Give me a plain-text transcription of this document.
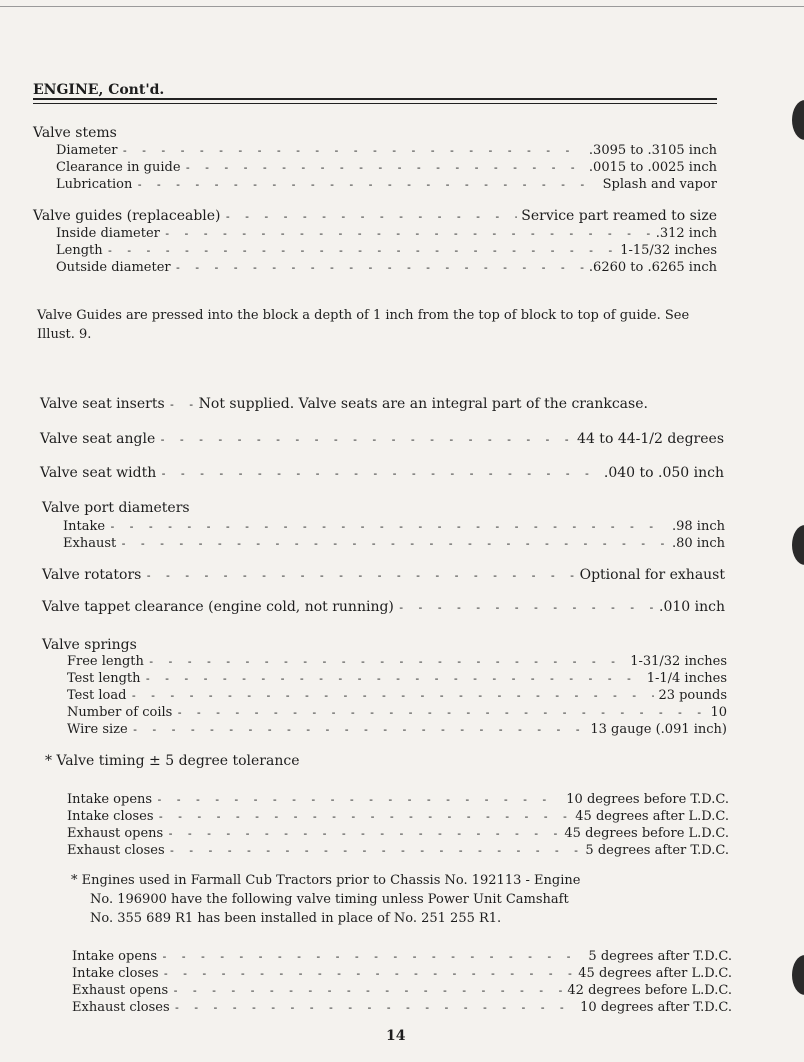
ENGINE, Cont'd.
Valve stems
Diameter - - -	.3095 to .3105 inch
Clearance in guide - - -	.0015 to .0025 inch
Lubrication - - -	Splash and vapor
Valve guides (replaceable) - - -	Service part reamed to size
Inside diameter - - -	.312 inch
Length - - -	1-15/32 inches
Outside diameter - - -	.6260 to .6265 inch
Valve Guides are pressed into the block a depth of 1 inch from the top of block to top of guide. See Illust. 9.
Valve seat inserts - - - Not supplied. Valve seats are an integral part of the crankcase.
Valve seat angle - - -	44 to 44-1/2 degrees
Valve seat width - - -	.040 to .050 inch
Valve port diameters
Intake - - -	.98 inch
Exhaust - - -	.80 inch
Valve rotators - - -	Optional for exhaust
Valve tappet clearance (engine cold, not running) - - -	.010 inch
Valve springs
Free length - - -	1-31/32 inches
Test length - - -	1-1/4 inches
Test load - - -	23 pounds
Number of coils - - -	10
Wire size - - -	13 gauge (.091 inch)
* Valve timing ± 5 degree tolerance
Intake opens - - -	10 degrees before T.D.C.
Intake closes - - -	45 degrees after L.D.C.
Exhaust opens - - -	45 degrees before L.D.C.
Exhaust closes - - -	5 degrees after T.D.C.
* Engines used in Farmall Cub Tractors prior to Chassis No. 192113 - Engine
No. 196900 have the following valve timing unless Power Unit Camshaft
No. 355 689 R1 has been installed in place of No. 251 255 R1.
Intake opens - - -	5 degrees after T.D.C.
Intake closes - - -	45 degrees after L.D.C.
Exhaust opens - - -	42 degrees before L.D.C.
Exhaust closes - - -	10 degrees after T.D.C.
14
